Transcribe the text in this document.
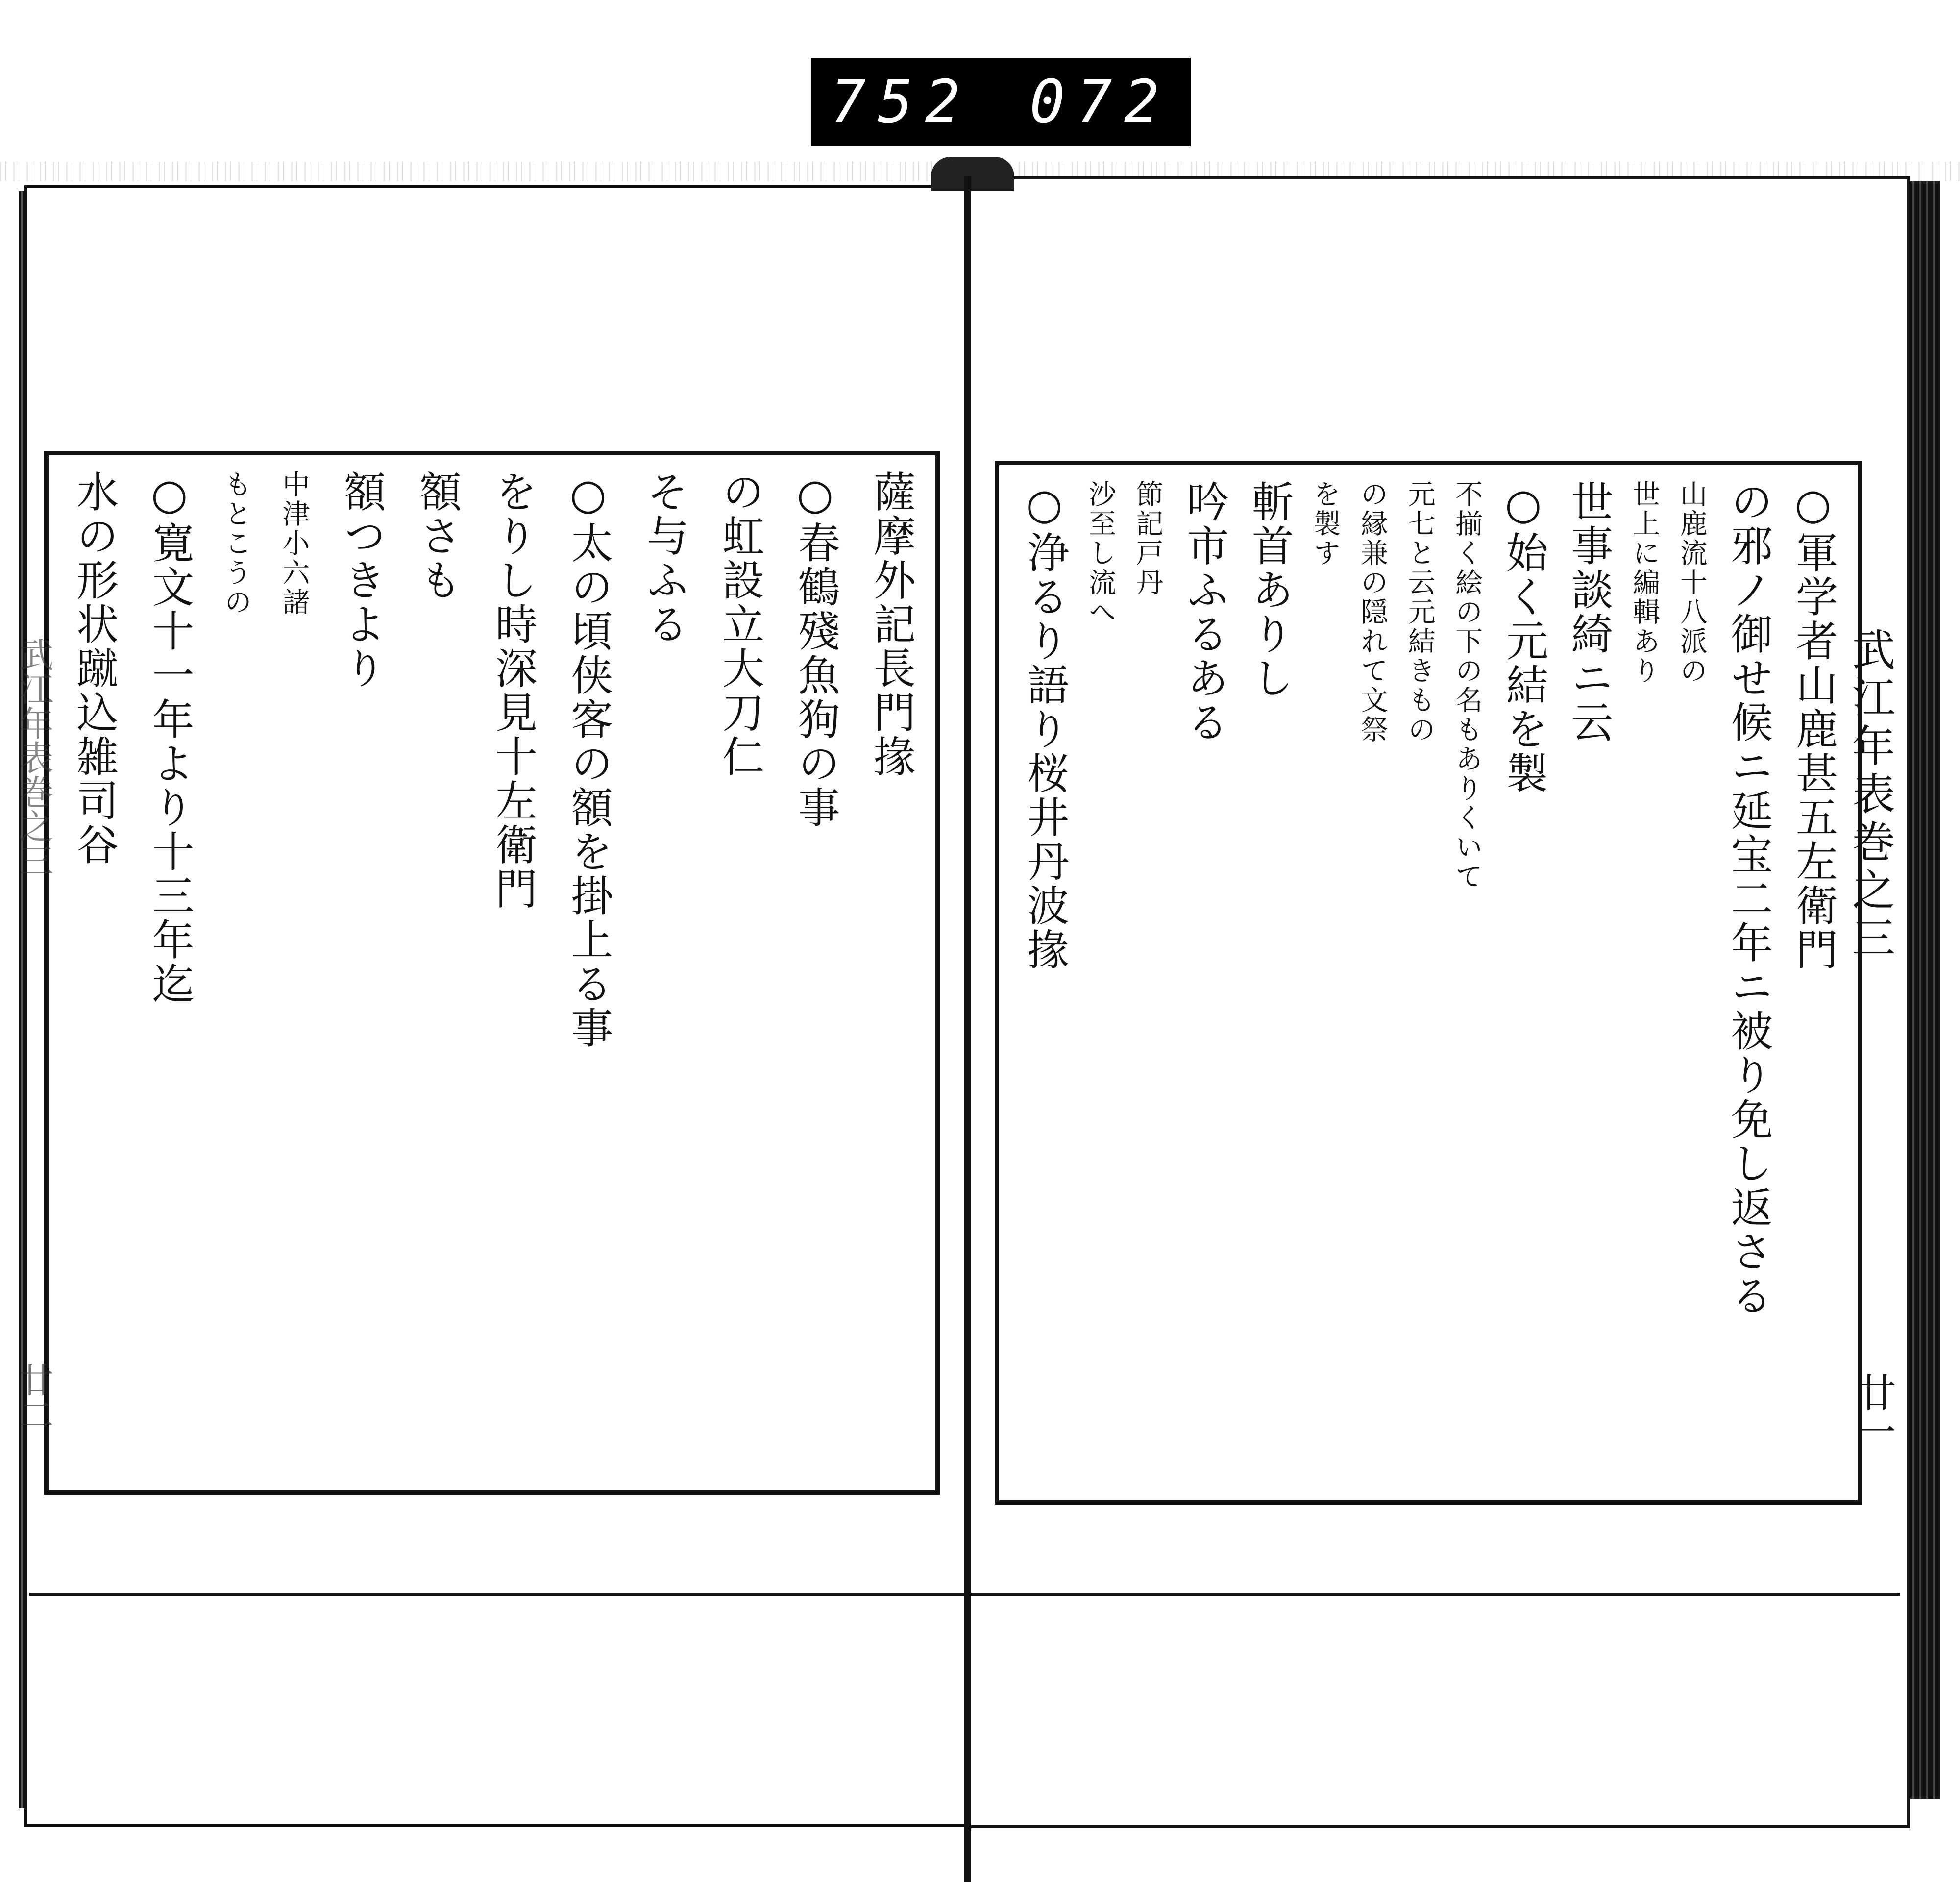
752 072
○軍学者山鹿甚五左衛門
の邪ノ御せ候ニ延宝二年ニ被り免し返さる
山鹿流十八派の
世上に編輯あり
世事談綺ニ云
○始く元結を製
不揃く絵の下の名もありくいて
元七と云元結きもの
の縁兼の隠れて文祭
を製す
斬首ありし
吟市ふるある
節記戸丹
沙至し流へ
○浄るり語り桜井丹波掾	武江年表巻之三
廿一
薩摩外記長門掾
○春鶴殘魚狗の事
の虹設立大刀仁
そ与ふる
○太の頃侠客の額を掛上る事
をりし時深見十左衛門
額さも
額つきより
中津小六諸
もとこうの
○寛文十一年より十三年迄
水の形状蹴込雑司谷
武江年表巻之三
廿二
